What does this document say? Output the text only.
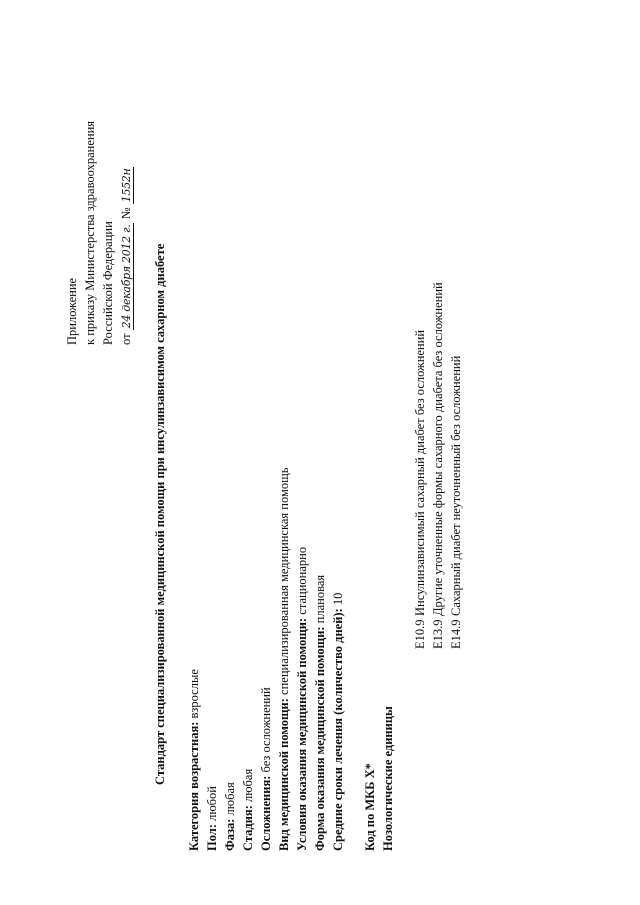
Приложение к приказу Министерства здравоохранения Российской Федерации от 24 декабря 2012 г. № 1552н
Стандарт специализированной медицинской помощи при инсулинзависимом сахарном диабете
Категория возрастная: взрослые
Пол: любой
Фаза: любая
Стадия: любая Осложнения: без осложнений Вид медицинской помощи: специализированная медицинская помощь
Условия оказания медицинской помощи: стационарно
Форма оказания медицинской помощи: плановая
Средние сроки лечения (количество дней): 10
Код по МКБ X* Нозологические единицы
E10.9Инсулинзависимый сахарный диабет без осложнений
E13.9Другие уточненные формы сахарного диабета без осложнений
E14.9Сахарный диабет неуточненный без осложнений
